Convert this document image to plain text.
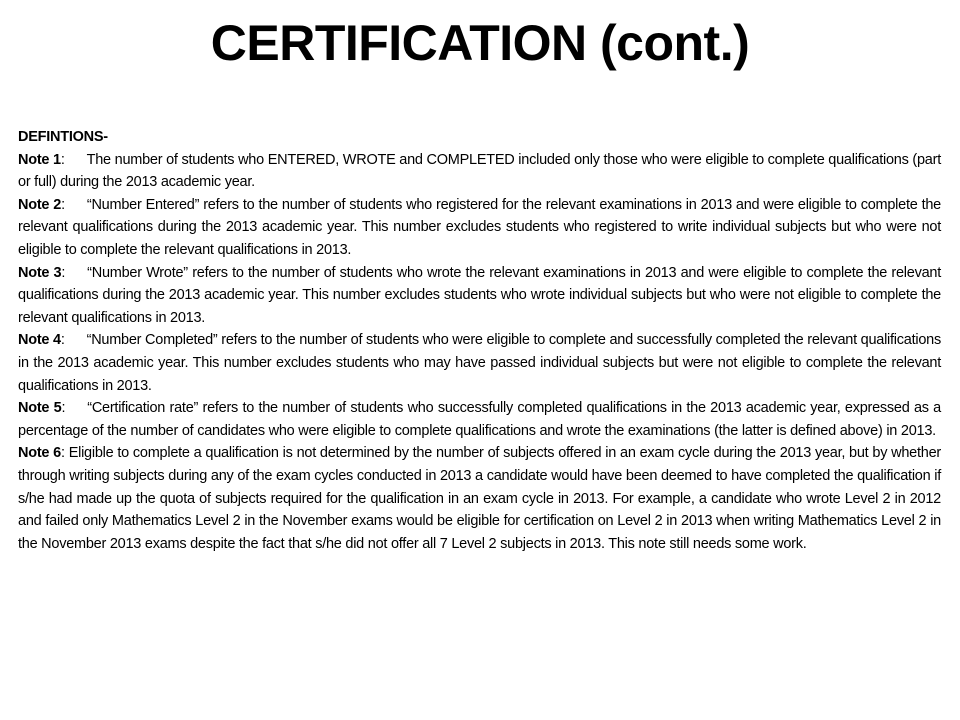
CERTIFICATION (cont.)

DEFINTIONS-

Note 1: The number of students who ENTERED, WROTE and COMPLETED included only those who were eligible to complete qualifications (part or full) during the 2013 academic year.

Note 2: “Number Entered” refers to the number of students who registered for the relevant examinations in 2013 and were eligible to complete the relevant qualifications during the 2013 academic year. This number excludes students who registered to write individual subjects but who were not eligible to complete the relevant qualifications in 2013.

Note 3: “Number Wrote” refers to the number of students who wrote the relevant examinations in 2013 and were eligible to complete the relevant qualifications during the 2013 academic year. This number excludes students who wrote individual subjects but who were not eligible to complete the relevant qualifications in 2013.

Note 4: “Number Completed” refers to the number of students who were eligible to complete and successfully completed the relevant qualifications in the 2013 academic year. This number excludes students who may have passed individual subjects but were not eligible to complete the relevant qualifications in 2013.

Note 5: “Certification rate” refers to the number of students who successfully completed qualifications in the 2013 academic year, expressed as a percentage of the number of candidates who were eligible to complete qualifications and wrote the examinations (the latter is defined above) in 2013.

Note 6: Eligible to complete a qualification is not determined by the number of subjects offered in an exam cycle during the 2013 year, but by whether through writing subjects during any of the exam cycles conducted in 2013 a candidate would have been deemed to have completed the qualification if s/he had made up the quota of subjects required for the qualification in an exam cycle in 2013. For example, a candidate who wrote Level 2 in 2012 and failed only Mathematics Level 2 in the November exams would be eligible for certification on Level 2 in 2013 when writing Mathematics Level 2 in the November 2013 exams despite the fact that s/he did not offer all 7 Level 2 subjects in 2013. This note still needs some work.
